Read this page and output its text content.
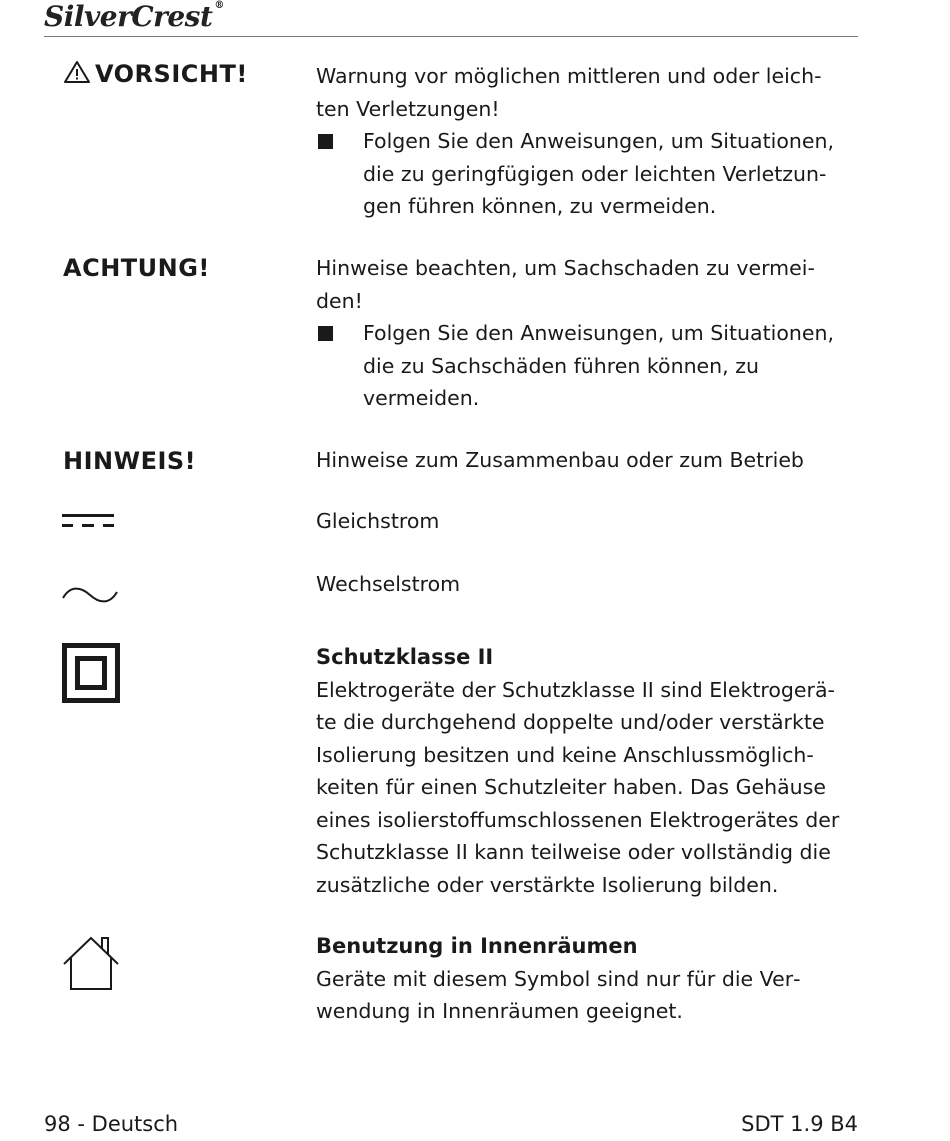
SilverCrest ®
VORSICHT!	Warnung vor möglichen mittleren und oder leichten Verletzungen!

Folgen Sie den Anweisungen, um Situationen, die zu geringfügigen oder leichten Verletzungen führen können, zu vermeiden.
ACHTUNG!	Hinweise beachten, um Sachschaden zu vermeiden!

Folgen Sie den Anweisungen, um Situationen, die zu Sachschäden führen können, zu vermeiden.
HINWEIS!	Hinweise zum Zusammenbau oder zum Betrieb

Gleichstrom

Wechselstrom

Schutzklasse II

Elektrogeräte der Schutzklasse II sind Elektrogeräte die durchgehend doppelte und/oder verstärkte Isolierung besitzen und keine Anschlussmöglichkeiten für einen Schutzleiter haben. Das Gehäuse eines isolierstoffumschlossenen Elektrogerätes der Schutzklasse II kann teilweise oder vollständig die zusätzliche oder verstärkte Isolierung bilden.

Benutzung in Innenräumen

Geräte mit diesem Symbol sind nur für die Verwendung in Innenräumen geeignet.

98 - Deutsch	SDT 1.9 B4
